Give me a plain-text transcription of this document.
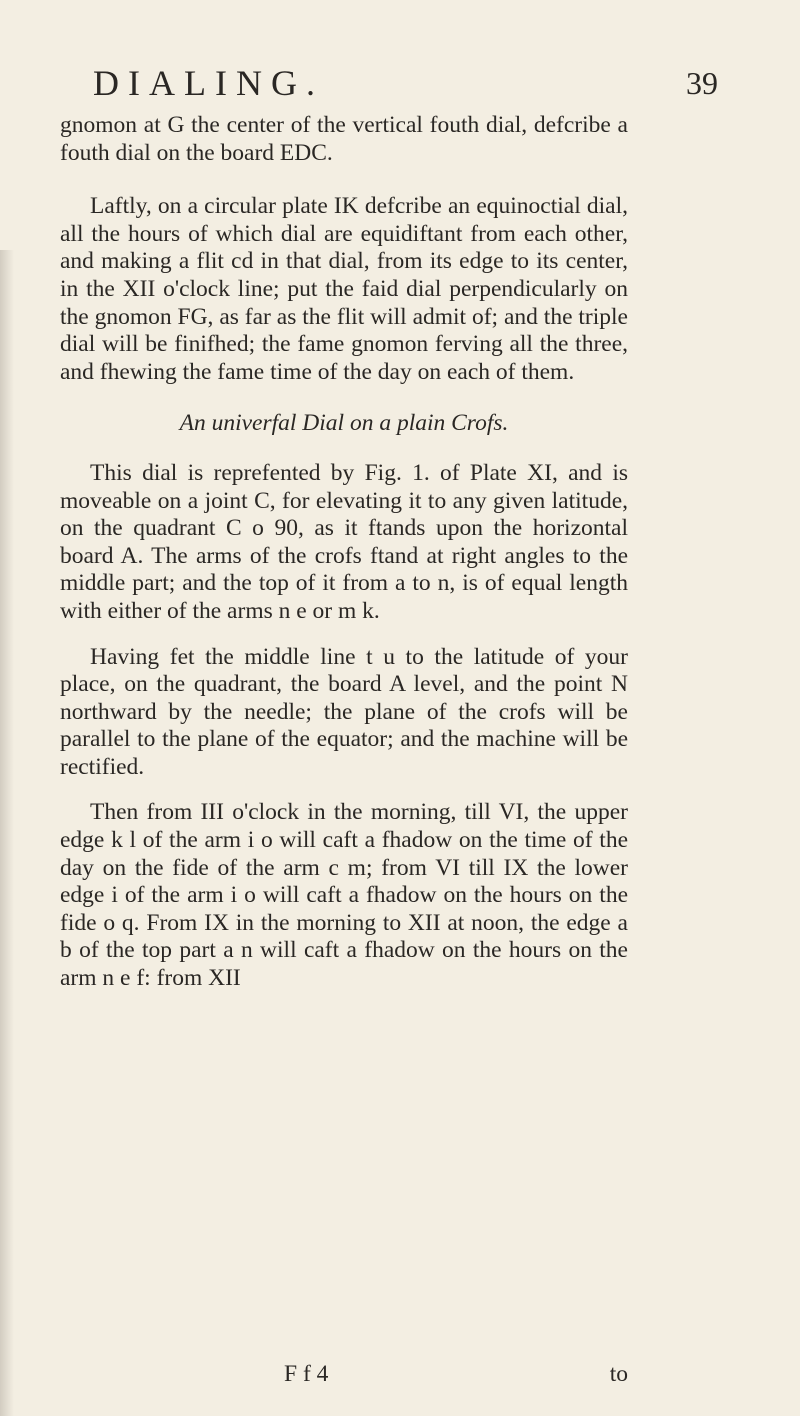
DIALING.	39

gnomon at G the center of the vertical fouth dial, defcribe a fouth dial on the board EDC.

Laftly, on a circular plate IK defcribe an equinoctial dial, all the hours of which dial are equidiftant from each other, and making a flit cd in that dial, from its edge to its center, in the XII o'clock line; put the faid dial perpendicularly on the gnomon FG, as far as the flit will admit of; and the triple dial will be finifhed; the fame gnomon ferving all the three, and fhewing the fame time of the day on each of them.

An univerfal Dial on a plain Crofs.

This dial is reprefented by Fig. 1. of Plate XI, and is moveable on a joint C, for elevating it to any given latitude, on the quadrant C o 90, as it ftands upon the horizontal board A. The arms of the crofs ftand at right angles to the middle part; and the top of it from a to n, is of equal length with either of the arms n e or m k.

Having fet the middle line t u to the latitude of your place, on the quadrant, the board A level, and the point N northward by the needle; the plane of the crofs will be parallel to the plane of the equator; and the machine will be rectified.

Then from III o'clock in the morning, till VI, the upper edge k l of the arm i o will caft a fhadow on the time of the day on the fide of the arm c m; from VI till IX the lower edge i of the arm i o will caft a fhadow on the hours on the fide o q. From IX in the morning to XII at noon, the edge a b of the top part a n will caft a fhadow on the hours on the arm n e f: from XII

F f 4	to
